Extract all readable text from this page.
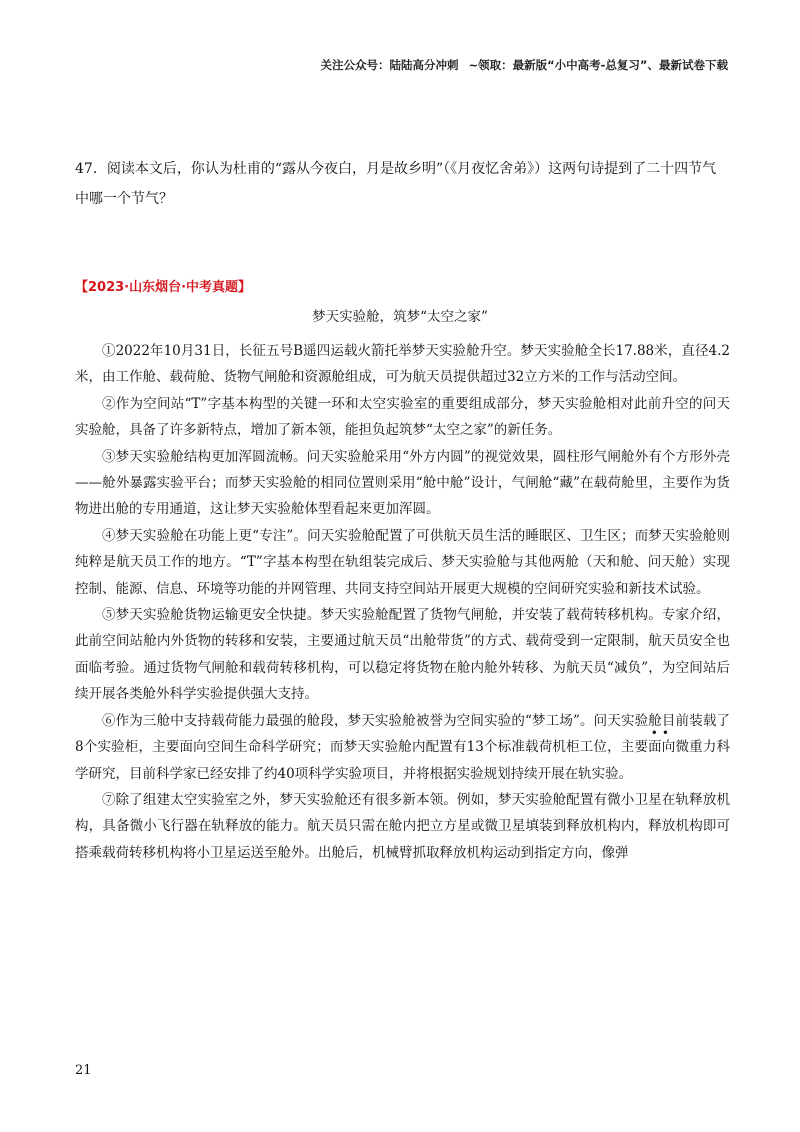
关注公众号：陆陆高分冲刺 ~领取：最新版“小中高考-总复习”、最新试卷下载
47．阅读本文后，你认为杜甫的“露从今夜白，月是故乡明”（《月夜忆舍弟》）这两句诗提到了二十四节气中哪一个节气？
【2023·山东烟台·中考真题】
梦天实验舱，筑梦“太空之家”

①2022年10月31日，长征五号B遥四运载火箭托举梦天实验舱升空。梦天实验舱全长17.88米，直径4.2米，由工作舱、载荷舱、货物气闸舱和资源舱组成，可为航天员提供超过32立方米的工作与活动空间。

②作为空间站“T”字基本构型的关键一环和太空实验室的重要组成部分，梦天实验舱相对此前升空的问天实验舱，具备了许多新特点，增加了新本领，能担负起筑梦“太空之家”的新任务。

③梦天实验舱结构更加浑圆流畅。问天实验舱采用“外方内圆”的视觉效果，圆柱形气闸舱外有个方形外壳——舱外暴露实验平台；而梦天实验舱的相同位置则采用“舱中舱”设计，气闸舱“藏”在载荷舱里，主要作为货物进出舱的专用通道，这让梦天实验舱体型看起来更加浑圆。

④梦天实验舱在功能上更“专注”。问天实验舱配置了可供航天员生活的睡眠区、卫生区；而梦天实验舱则纯粹是航天员工作的地方。“T”字基本构型在轨组装完成后、梦天实验舱与其他两舱（天和舱、问天舱）实现控制、能源、信息、环境等功能的并网管理、共同支持空间站开展更大规模的空间研究实验和新技术试验。

⑤梦天实验舱货物运输更安全快捷。梦天实验舱配置了货物气闸舱，并安装了载荷转移机构。专家介绍，此前空间站舱内外货物的转移和安装，主要通过航天员“出舱带货”的方式、载荷受到一定限制，航天员安全也面临考验。通过货物气闸舱和载荷转移机构，可以稳定将货物在舱内舱外转移、为航天员“减负”，为空间站后续开展各类舱外科学实验提供强大支持。

⑥作为三舱中支持载荷能力最强的舱段，梦天实验舱被誉为空间实验的“梦工场”。问天实验舱目前装载了8个实验柜，主要面向空间生命科学研究；而梦天实验舱内配置有13个标准载荷机柜工位，
••
主要面向微重力科学研究，目前科学家已经安排了约40项科学实验项目，并将根据实验规划持续开展在轨实验。

⑦除了组建太空实验室之外，梦天实验舱还有很多新本领。例如，梦天实验舱配置有微小卫星在轨释放机构，具备微小飞行器在轨释放的能力。航天员只需在舱内把立方星或微卫星填装到释放机构内，释放机构即可搭乘载荷转移机构将小卫星运送至舱外。出舱后，机械臂抓取释放机构运动到指定方向，像弹

21
